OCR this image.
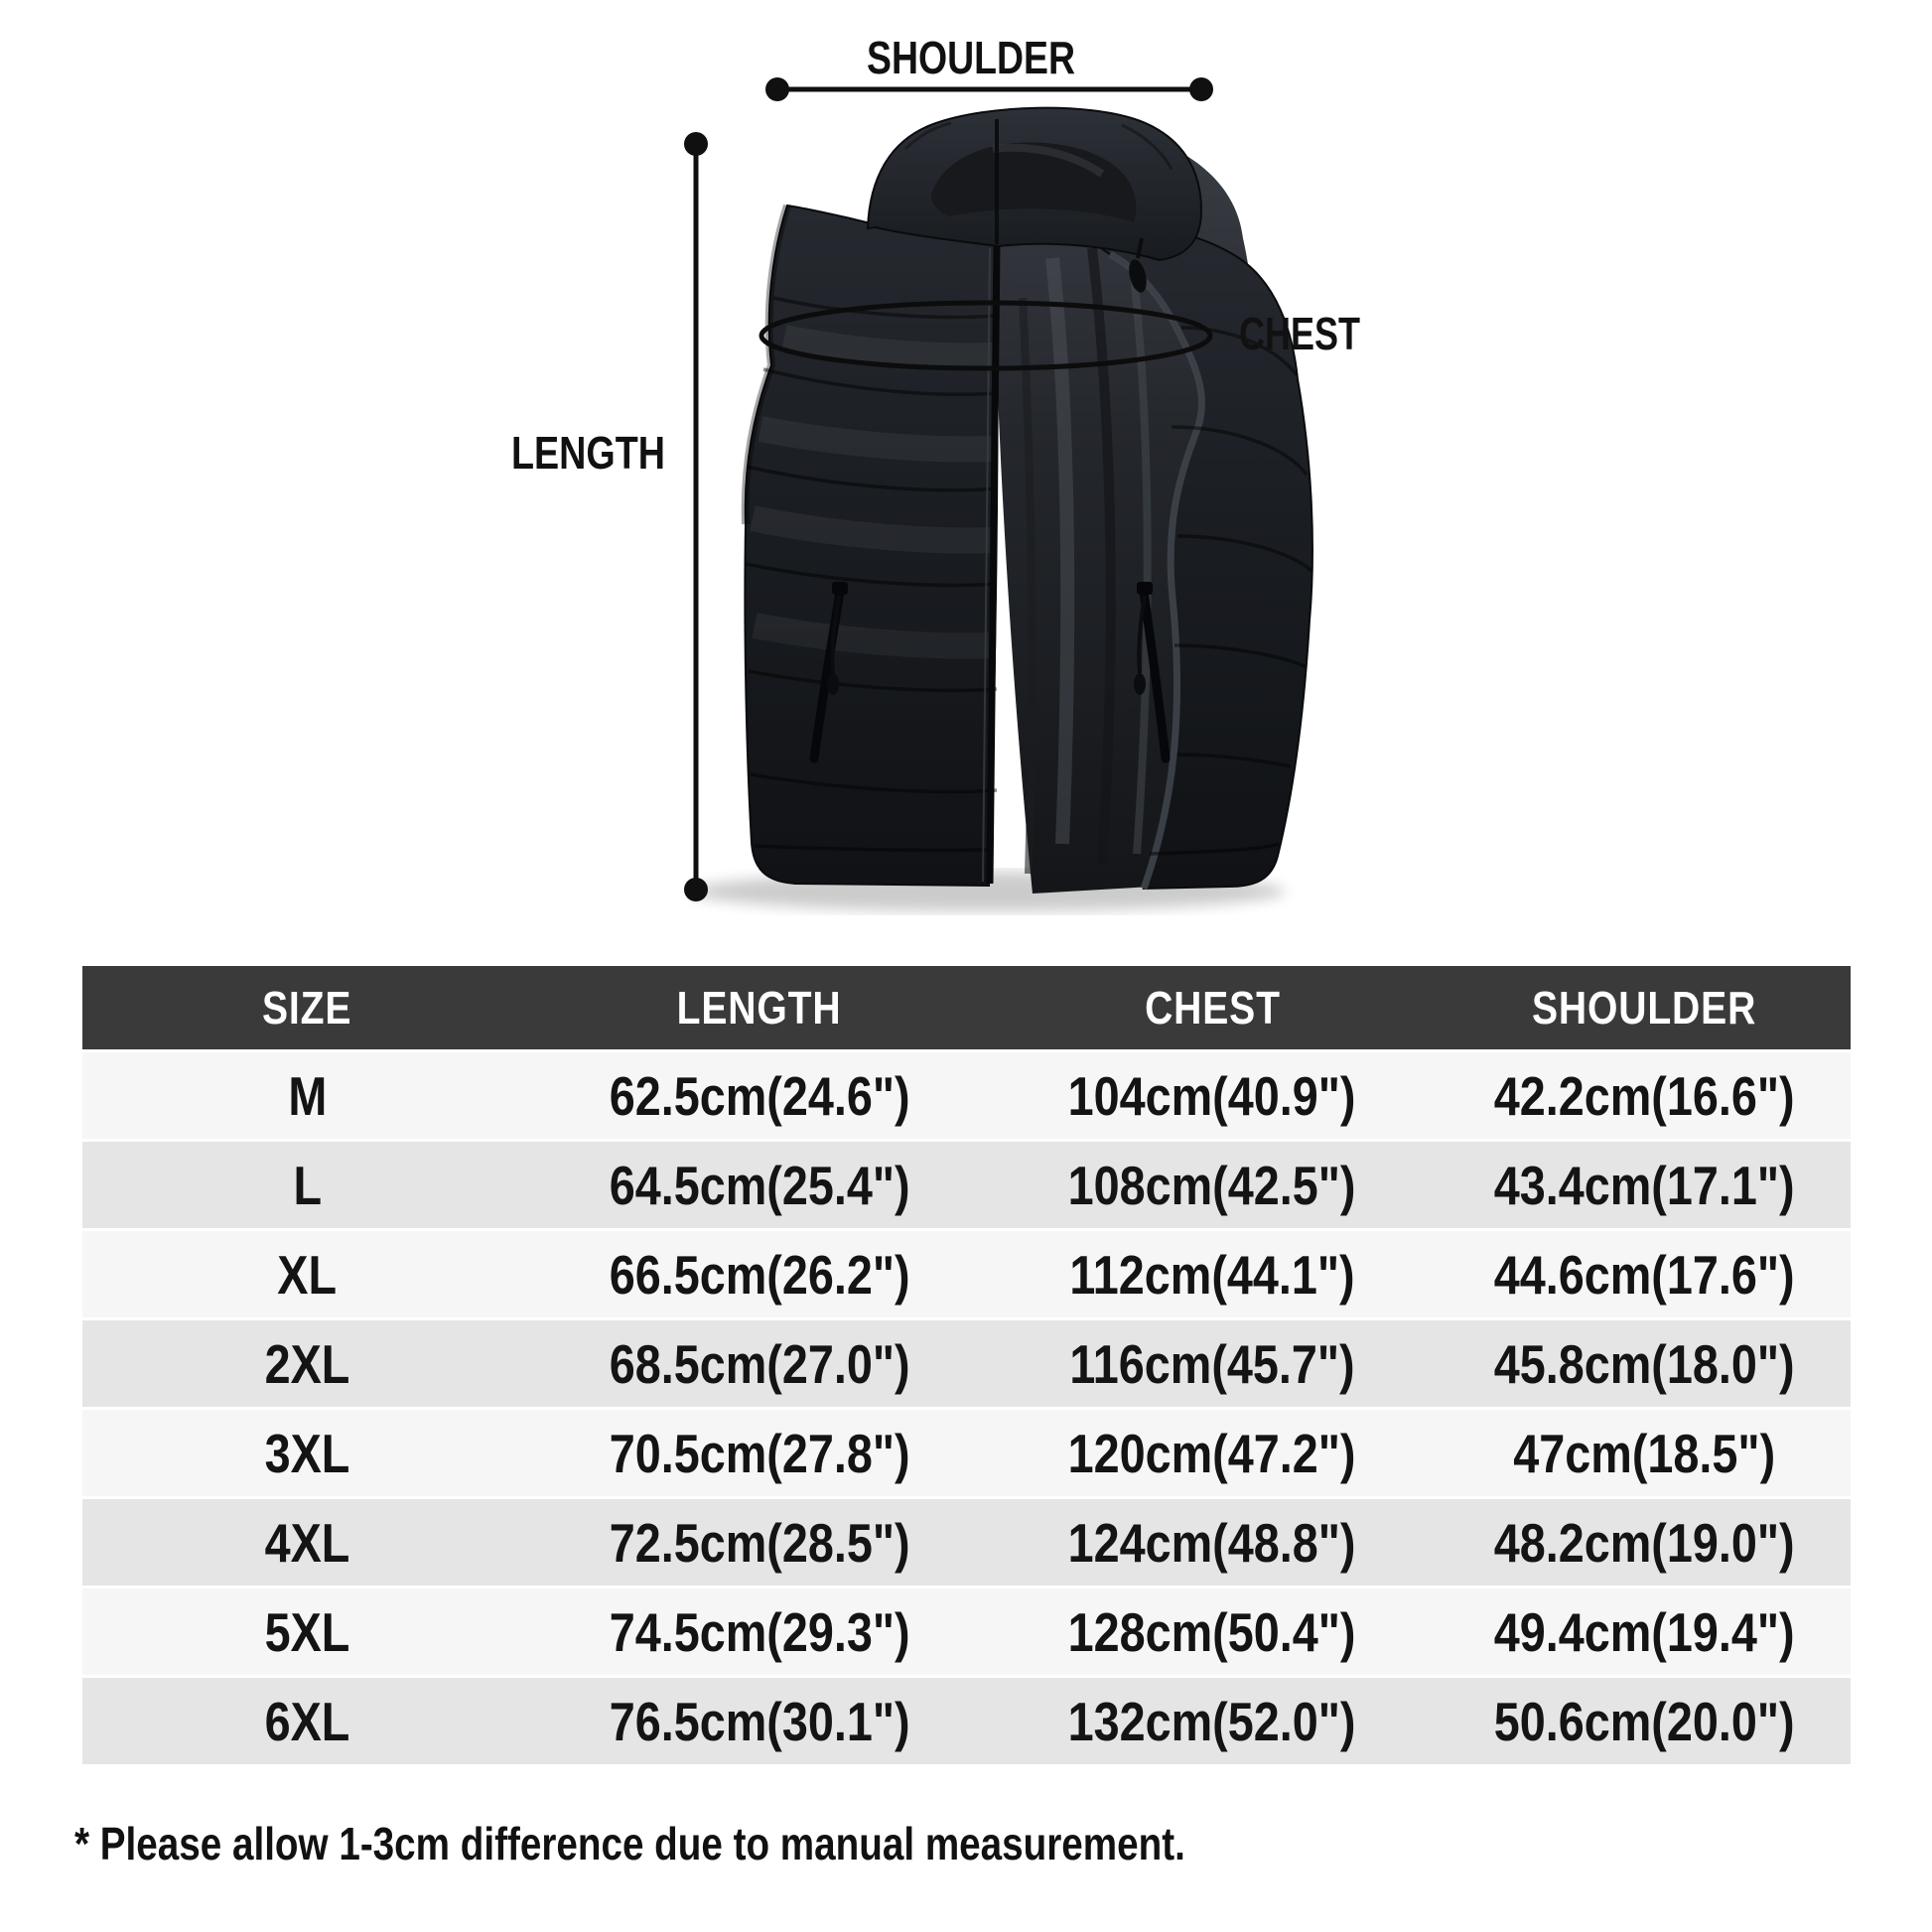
SHOULDER
LENGTH
CHEST
SIZE	LENGTH	CHEST	SHOULDER
M	62.5cm(24.6")	104cm(40.9")	42.2cm(16.6")
L	64.5cm(25.4")	108cm(42.5")	43.4cm(17.1")
XL	66.5cm(26.2")	112cm(44.1")	44.6cm(17.6")
2XL	68.5cm(27.0")	116cm(45.7")	45.8cm(18.0")
3XL	70.5cm(27.8")	120cm(47.2")	47cm(18.5")
4XL	72.5cm(28.5")	124cm(48.8")	48.2cm(19.0")
5XL	74.5cm(29.3")	128cm(50.4")	49.4cm(19.4")
6XL	76.5cm(30.1")	132cm(52.0")	50.6cm(20.0")
* Please allow 1-3cm difference due to manual measurement.
